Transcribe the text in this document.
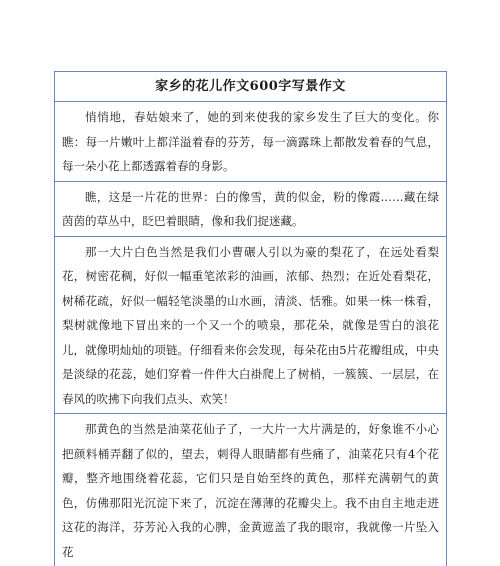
家乡的花儿作文600字写景作文
悄悄地，春姑娘来了，她的到来使我的家乡发生了巨大的变化。你瞧：每一片嫩叶上都洋溢着春的芬芳，每一滴露珠上都散发着春的气息，每一朵小花上都透露着春的身影。
瞧，这是一片花的世界：白的像雪，黄的似金，粉的像霞……藏在绿茵茵的草丛中，眨巴着眼睛，像和我们捉迷藏。
那一大片白色当然是我们小曹碾人引以为豪的梨花了，在远处看梨花，树密花稠，好似一幅重笔浓彩的油画，浓郁、热烈；在近处看梨花，树稀花疏，好似一幅轻笔淡墨的山水画，清淡、恬雅。如果一株一株看，梨树就像地下冒出来的一个又一个的喷泉，那花朵，就像是雪白的浪花儿，就像明灿灿的项链。仔细看来你会发现，每朵花由5片花瓣组成，中央是淡绿的花蕊，她们穿着一件件大白褂爬上了树梢，一簇簇、一层层，在春风的吹拂下向我们点头、欢笑！
那黄色的当然是油菜花仙子了，一大片一大片满是的，好象谁不小心把颜料桶弄翻了似的，望去，刺得人眼睛都有些痛了，油菜花只有4个花瓣，整齐地围绕着花蕊，它们只是自始至终的黄色，那样充满朝气的黄色，仿佛那阳光沉淀下来了，沉淀在薄薄的花瓣尖上。我不由自主地走进这花的海洋，芬芳沁入我的心脾，金黄遮盖了我的眼帘，我就像一片坠入花
